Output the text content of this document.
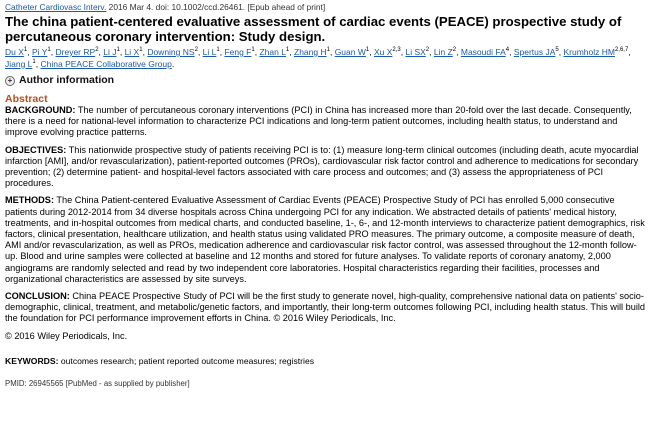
Catheter Cardiovasc Interv. 2016 Mar 4. doi: 10.1002/ccd.26461. [Epub ahead of print]
The china patient-centered evaluative assessment of cardiac events (PEACE) prospective study of percutaneous coronary intervention: Study design.
Du $X^1$, Pi $Y^1$, Dreyer $RP^2$, Li $J^1$, Li $X^1$, Downing $NS^2$, Li $L^1$, Feng $F^1$, Zhan $L^1$, Zhang $H^1$, Guan $W^1$, Xu X$^{2,3}$, Li $SX^2$, Lin $Z^2$, Masoudi $FA^4$, Spertus $JA^5$, Krumholz HM$^{2,6,7}$, Jiang $L^1$, China PEACE Collaborative Group.
+ Author information
Abstract

BACKGROUND: The number of percutaneous coronary interventions (PCI) in China has increased more than 20-fold over the last decade. Consequently, there is a need for national-level information to characterize PCI indications and long-term patient outcomes, including health status, to understand and improve evolving practice patterns.

OBJECTIVES: This nationwide prospective study of patients receiving PCI is to: (1) measure long-term clinical outcomes (including death, acute myocardial infarction [AMI], and/or revascularization), patient-reported outcomes (PROs), cardiovascular risk factor control and adherence to medications for secondary prevention; (2) determine patient- and hospital-level factors associated with care process and outcomes; and (3) assess the appropriateness of PCI procedures.

METHODS: The China Patient-centered Evaluative Assessment of Cardiac Events (PEACE) Prospective Study of PCI has enrolled 5,000 consecutive patients during 2012-2014 from 34 diverse hospitals across China undergoing PCI for any indication. We abstracted details of patients' medical history, treatments, and in-hospital outcomes from medical charts, and conducted baseline, 1-, 6-, and 12-month interviews to characterize patient demographics, risk factors, clinical presentation, healthcare utilization, and health status using validated PRO measures. The primary outcome, a composite measure of death, AMI and/or revascularization, as well as PROs, medication adherence and cardiovascular risk factor control, was assessed throughout the 12-month follow-up. Blood and urine samples were collected at baseline and 12 months and stored for future analyses. To validate reports of coronary anatomy, 2,000 angiograms are randomly selected and read by two independent core laboratories. Hospital characteristics regarding their facilities, processes and organizational characteristics are assessed by site surveys.

CONCLUSION: China PEACE Prospective Study of PCI will be the first study to generate novel, high-quality, comprehensive national data on patients' socio-demographic, clinical, treatment, and metabolic/genetic factors, and importantly, their long-term outcomes following PCI, including health status. This will build the foundation for PCI performance improvement efforts in China. © 2016 Wiley Periodicals, Inc.

© 2016 Wiley Periodicals, Inc.
KEYWORDS: outcomes research; patient reported outcome measures; registries
PMID: 26945565 [PubMed - as supplied by publisher]
